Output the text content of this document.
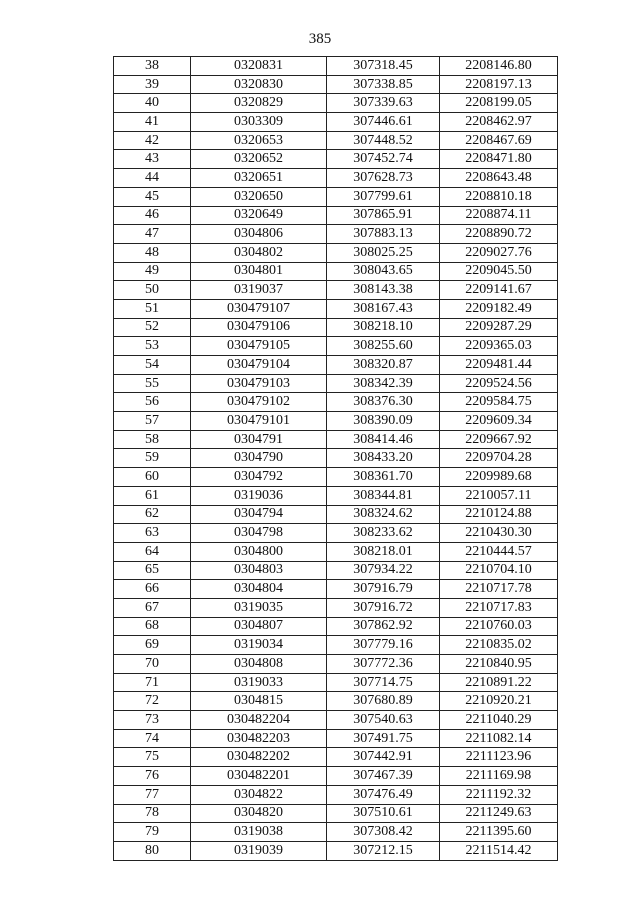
385
38	0320831	307318.45	2208146.80
39	0320830	307338.85	2208197.13
40	0320829	307339.63	2208199.05
41	0303309	307446.61	2208462.97
42	0320653	307448.52	2208467.69
43	0320652	307452.74	2208471.80
44	0320651	307628.73	2208643.48
45	0320650	307799.61	2208810.18
46	0320649	307865.91	2208874.11
47	0304806	307883.13	2208890.72
48	0304802	308025.25	2209027.76
49	0304801	308043.65	2209045.50
50	0319037	308143.38	2209141.67
51	030479107	308167.43	2209182.49
52	030479106	308218.10	2209287.29
53	030479105	308255.60	2209365.03
54	030479104	308320.87	2209481.44
55	030479103	308342.39	2209524.56
56	030479102	308376.30	2209584.75
57	030479101	308390.09	2209609.34
58	0304791	308414.46	2209667.92
59	0304790	308433.20	2209704.28
60	0304792	308361.70	2209989.68
61	0319036	308344.81	2210057.11
62	0304794	308324.62	2210124.88
63	0304798	308233.62	2210430.30
64	0304800	308218.01	2210444.57
65	0304803	307934.22	2210704.10
66	0304804	307916.79	2210717.78
67	0319035	307916.72	2210717.83
68	0304807	307862.92	2210760.03
69	0319034	307779.16	2210835.02
70	0304808	307772.36	2210840.95
71	0319033	307714.75	2210891.22
72	0304815	307680.89	2210920.21
73	030482204	307540.63	2211040.29
74	030482203	307491.75	2211082.14
75	030482202	307442.91	2211123.96
76	030482201	307467.39	2211169.98
77	0304822	307476.49	2211192.32
78	0304820	307510.61	2211249.63
79	0319038	307308.42	2211395.60
80	0319039	307212.15	2211514.42
